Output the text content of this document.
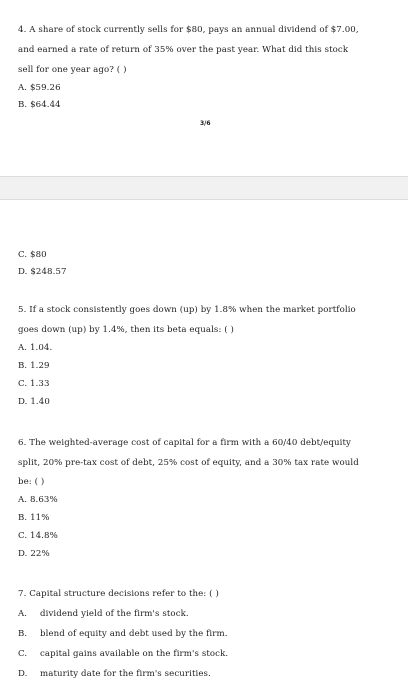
4. A share of stock currently sells for $80, pays an annual dividend of $7.00,
and earned a rate of return of 35% over the past year. What did this stock
sell for one year ago? ( )
A. $59.26
B. $64.44
3/6
C. $80
D. $248.57
5. If a stock consistently goes down (up) by 1.8% when the market portfolio
goes down (up) by 1.4%, then its beta equals: ( )
A. 1.04.
B. 1.29
C. 1.33
D. 1.40
6. The weighted-average cost of capital for a firm with a 60/40 debt/equity
split, 20% pre-tax cost of debt, 25% cost of equity, and a 30% tax rate would
be: ( )
A. 8.63%
B. 11%
C. 14.8%
D. 22%
7. Capital structure decisions refer to the: ( )
A. dividend yield of the firm's stock.
B. blend of equity and debt used by the firm.
C. capital gains available on the firm's stock.
D. maturity date for the firm's securities.
